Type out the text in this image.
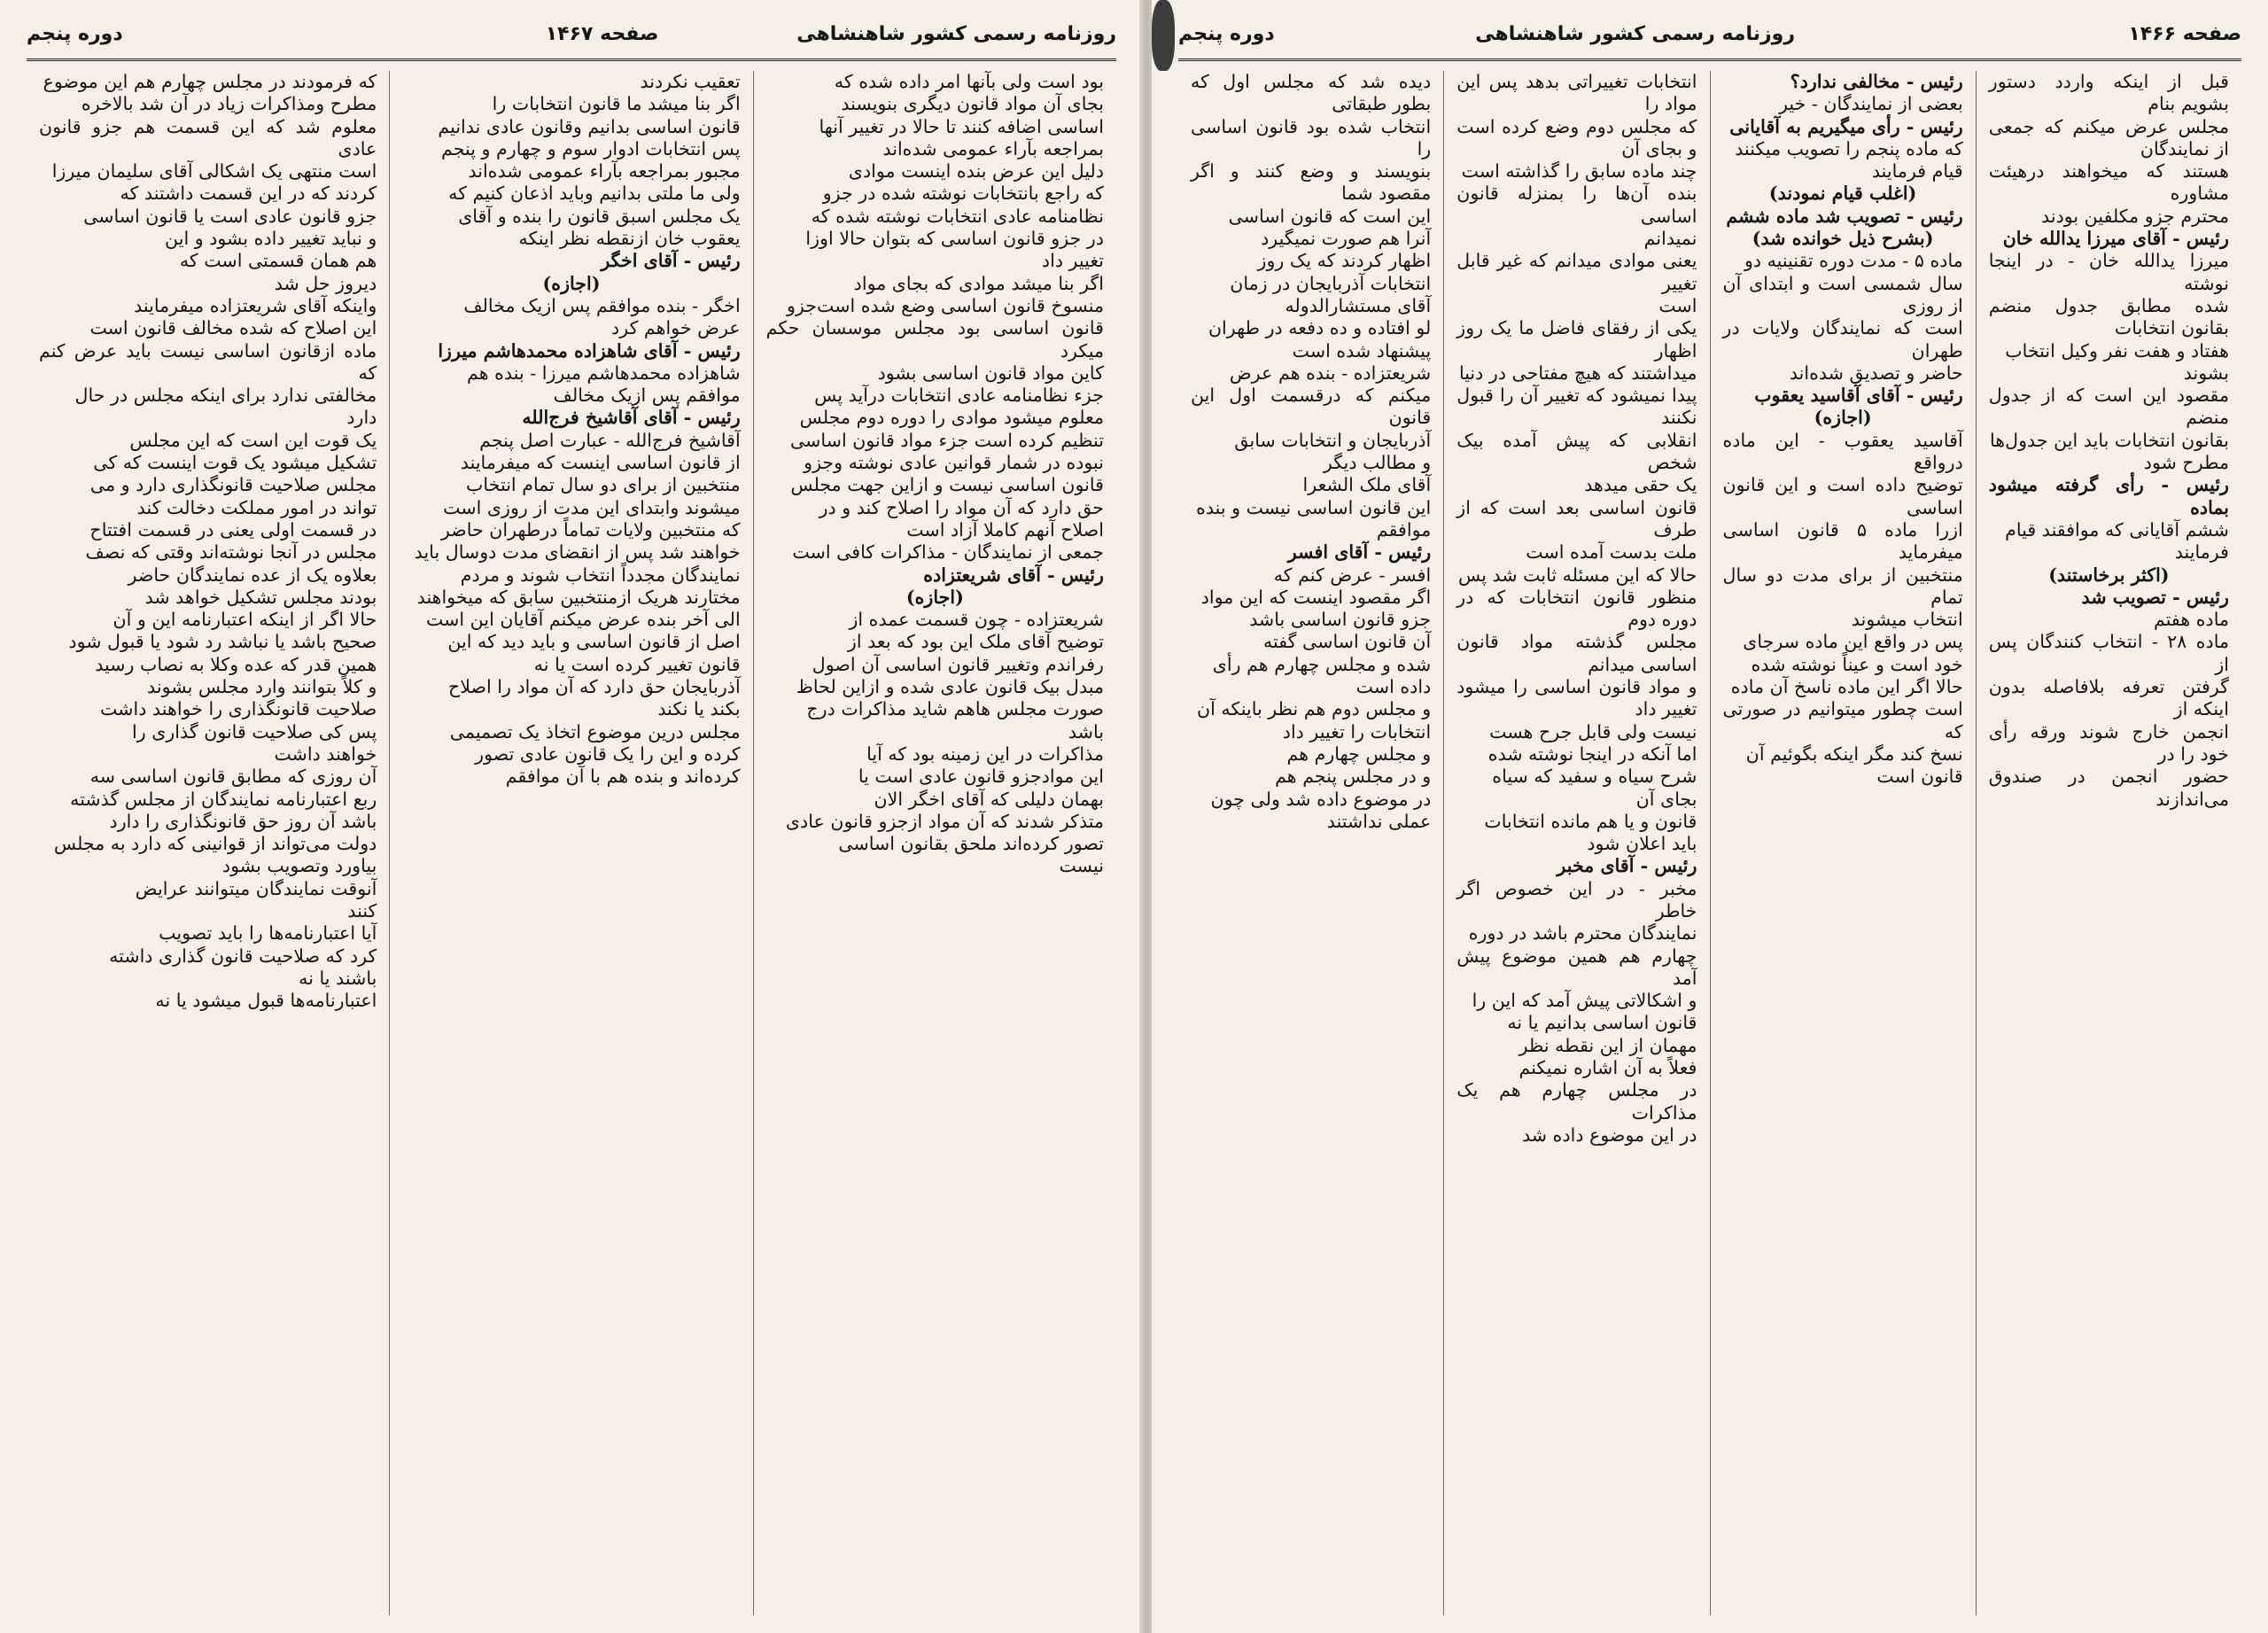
روزنامه رسمی کشور شاهنشاهی
صفحه ۱۴۶۷
دوره پنجم
بود است ولی بآنها امر داده شده که
بجای آن مواد قانون دیگری بنویسند
اساسی اضافه کنند تا حالا در تغییر آنها
بمراجعه بآراء عمومی شده‌اند
دلیل این عرض بنده اینست موادی
که راجع بانتخابات نوشته شده در جزو
نظامنامه عادی انتخابات نوشته شده که
در جزو قانون اساسی که بتوان حالا اوزا
تغییر داد
اگر بنا میشد موادی که بجای مواد
منسوخ قانون اساسی وضع شده است‌جزو
قانون اساسی بود مجلس موسسان حکم میکرد
کاین مواد قانون اساسی بشود
جزء نظامنامه عادی انتخابات درآید پس
معلوم میشود موادی را دوره دوم مجلس
تنظیم کرده است جزء مواد قانون اساسی
نبوده در شمار قوانین عادی نوشته وجزو
قانون اساسی نیست و ازاین جهت مجلس
حق دارد که آن مواد را اصلاح کند و در
اصلاح آنهم کاملا آزاد است
جمعی از نمایندگان - مذاکرات کافی است
رئیس - آقای شریعتزاده
(اجازه)
شریعتزاده - چون قسمت عمده از
توضیح آقای ملک این بود که بعد از
رفراندم وتغییر قانون اساسی آن اصول
مبدل بیک قانون عادی شده و ازاین لحاظ
صورت مجلس هاهم شاید مذاکرات درج
باشد
مذاکرات در این زمینه بود که آیا
این موادجزو قانون عادی است یا
بهمان دلیلی که آقای اخگر الان
متذکر شدند که آن مواد ازجزو قانون عادی
تصور کرده‌اند ملحق بقانون اساسی
نیست
تعقیب نکردند
اگر بنا میشد ما قانون انتخابات را
قانون اساسی بدانیم وقانون عادی ندانیم
پس انتخابات ادوار سوم و چهارم و پنجم
مجبور بمراجعه بآراء عمومی شده‌اند
ولی ما ملتی بدانیم وباید اذعان کنیم که
یک مجلس اسبق قانون را بنده و آقای
یعقوب خان ازنقطه نظر اینکه
رئیس - آقای اخگر
(اجازه)
اخگر - بنده موافقم پس ازیک مخالف
عرض خواهم کرد
رئیس - آقای شاهزاده محمدهاشم میرزا
شاهزاده محمدهاشم میرزا - بنده هم
موافقم پس ازیک مخالف
رئیس - آقای آقاشیخ فرج‌الله
آقاشیخ فرج‌الله - عبارت اصل پنجم
از قانون اساسی اینست که میفرمایند
منتخبین از برای دو سال تمام انتخاب
میشوند وابتدای این مدت از روزی است
که منتخبین ولایات تماماً درطهران حاضر
خواهند شد پس از انقضای مدت دوسال باید
نمایندگان مجدداً انتخاب شوند و مردم
مختارند هریک ازمنتخبین سابق که میخواهند
الی آخر بنده عرض میکنم آقایان این است
اصل از قانون اساسی و باید دید که این
قانون تغییر کرده است یا نه
آذربایجان حق دارد که آن مواد را اصلاح
بکند یا نکند
مجلس درین موضوع اتخاذ یک تصمیمی
کرده و این را یک قانون عادی تصور
کرده‌اند و بنده هم با آن موافقم
که فرمودند در مجلس چهارم هم این موضوع
مطرح ومذاکرات زیاد در آن شد بالاخره
معلوم شد که این قسمت هم جزو قانون عادی
است منتهی یک اشکالی آقای سلیمان میرزا
کردند که در این قسمت داشتند که
جزو قانون عادی است یا قانون اساسی
و نباید تغییر داده بشود و این
هم همان قسمتی است که
دیروز حل شد
واینکه آقای شریعتزاده میفرمایند
این اصلاح که شده مخالف قانون است
ماده ازقانون اساسی نیست باید عرض کنم که
مخالفتی ندارد برای اینکه مجلس در حال
دارد
یک قوت این است که این مجلس
تشکیل میشود یک قوت اینست که کی
مجلس صلاحیت قانونگذاری دارد و می
تواند در امور مملکت دخالت کند
در قسمت اولی یعنی در قسمت افتتاح
مجلس در آنجا نوشته‌اند وقتی که نصف
بعلاوه یک از عده نمایندگان حاضر
بودند مجلس تشکیل خواهد شد
حالا اگر از اینکه اعتبارنامه این و آن
صحیح باشد یا نباشد رد شود یا قبول شود
همین قدر که عده وکلا به نصاب رسید
و کلاً بتوانند وارد مجلس بشوند
صلاحیت قانونگذاری را خواهند داشت
پس کی صلاحیت قانون گذاری را
خواهند داشت
آن روزی که مطابق قانون اساسی سه
ربع اعتبارنامه نمایندگان از مجلس گذشته
باشد آن روز حق قانونگذاری را دارد
دولت می‌تواند از قوانینی که دارد به مجلس
بیاورد وتصویب بشود
آنوقت نمایندگان میتوانند عرایض
کنند
آیا اعتبارنامه‌ها را باید تصویب
کرد که صلاحیت قانون گذاری داشته
باشند یا نه
اعتبارنامه‌ها قبول میشود یا نه
صفحه ۱۴۶۶
روزنامه رسمی کشور شاهنشاهی
دوره پنجم
قبل از اینکه واردد دستور بشویم بنام
مجلس عرض میکنم که جمعی از نمایندگان
هستند که میخواهند درهیئت مشاوره
محترم جزو مکلفین بودند
رئیس - آقای میرزا یدالله خان
میرزا یدالله خان - در اینجا نوشته
شده مطابق جدول منضم بقانون انتخابات
هفتاد و هفت نفر وکیل انتخاب
بشوند
مقصود این است که از جدول منضم
بقانون انتخابات باید این جدول‌ها
مطرح شود
رئیس - رأی گرفته میشود بماده
ششم آقایانی که موافقند قیام
فرمایند
(اکثر برخاستند)
رئیس - تصویب شد
ماده هفتم
ماده ۲۸ - انتخاب کنندگان پس از
گرفتن تعرفه بلافاصله بدون اینکه از
انجمن خارج شوند ورقه رأی خود را در
حضور انجمن در صندوق می‌اندازند
رئیس - مخالفی ندارد؟
بعضی از نمایندگان - خیر
رئیس - رأی میگیریم به آقایانی
که ماده پنجم را تصویب میکنند
قیام فرمایند
(اغلب قیام نمودند)
رئیس - تصویب شد ماده ششم
(بشرح ذیل خوانده شد)
ماده ۵ - مدت دوره تقنینیه دو
سال شمسی است و ابتدای آن از روزی
است که نمایندگان ولایات در طهران
حاضر و تصدیق شده‌اند
رئیس - آقای آقاسید یعقوب
(اجازه)
آقاسید یعقوب - این ماده درواقع
توضیح داده است و این قانون اساسی
ازرا ماده ۵ قانون اساسی میفرماید
منتخبین از برای مدت دو سال تمام
انتخاب میشوند
پس در واقع این ماده سرجای
خود است و عیناً نوشته شده
حالا اگر این ماده ناسخ آن ماده
است چطور میتوانیم در صورتی که
نسخ کند مگر اینکه بگوئیم آن
قانون است
انتخابات تغییراتی بدهد پس این مواد را
که مجلس دوم وضع کرده است و بجای آن
چند ماده سابق را گذاشته است
بنده آن‌ها را بمنزله قانون اساسی
نمیدانم
یعنی موادی میدانم که غیر قابل تغییر
است
یکی از رفقای فاضل ما یک روز اظهار
میداشتند که هیچ مفتاحی در دنیا
پیدا نمیشود که تغییر آن را قبول نکنند
انقلابی که پیش آمده بیک شخص
یک حقی میدهد
قانون اساسی بعد است که از طرف
ملت بدست آمده است
حالا که این مسئله ثابت شد پس
منظور قانون انتخابات که در دوره دوم
مجلس گذشته مواد قانون اساسی میدانم
و مواد قانون اساسی را میشود تغییر داد
نیست ولی قابل جرح هست
اما آنکه در اینجا نوشته شده
شرح سیاه و سفید که سیاه
بجای آن
قانون و یا هم مانده انتخابات
باید اعلان شود
رئیس - آقای مخبر
مخبر - در این خصوص اگر خاطر
نمایندگان محترم باشد در دوره
چهارم هم همین موضوع پیش آمد
و اشکالاتی پیش آمد که این را
قانون اساسی بدانیم یا نه
مهمان از این نقطه نظر
فعلاً به آن اشاره نمیکنم
در مجلس چهارم هم یک مذاکرات
در این موضوع داده شد
دیده شد که مجلس اول که بطور طبقاتی
انتخاب شده بود قانون اساسی را
بنویسند و وضع کنند و اگر مقصود شما
این است که قانون اساسی
آنرا هم صورت نمیگیرد
اظهار کردند که یک روز
انتخابات آذربایجان در زمان
آقای مستشارالدوله
لو افتاده و ده دفعه در طهران
پیشنهاد شده است
شریعتزاده - بنده هم عرض
میکنم که درقسمت اول این قانون
آذربایجان و انتخابات سابق
و مطالب دیگر
آقای ملک الشعرا
این قانون اساسی نیست و بنده
موافقم
رئیس - آقای افسر
افسر - عرض کنم که
اگر مقصود اینست که این مواد
جزو قانون اساسی باشد
آن قانون اساسی گفته
شده و مجلس چهارم هم رأی
داده است
و مجلس دوم هم نظر باینکه آن
انتخابات را تغییر داد
و مجلس چهارم هم
و در مجلس پنجم هم
در موضوع داده شد ولی چون
عملی نداشتند
